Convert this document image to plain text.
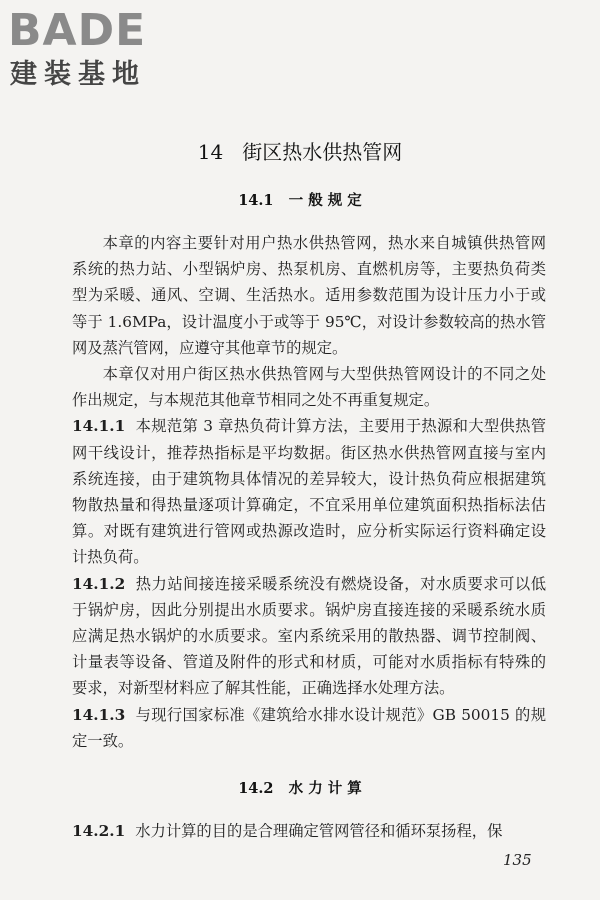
BADE
建装基地
14   街区热水供热管网
14.1   一 般 规 定

本章的内容主要针对用户热水供热管网，热水来自城镇供热管网系统的热力站、小型锅炉房、热泵机房、直燃机房等，主要热负荷类型为采暖、通风、空调、生活热水。适用参数范围为设计压力小于或等于 1.6MPa，设计温度小于或等于 95℃，对设计参数较高的热水管网及蒸汽管网，应遵守其他章节的规定。

本章仅对用户街区热水供热管网与大型供热管网设计的不同之处作出规定，与本规范其他章节相同之处不再重复规定。

14.1.1 本规范第 3 章热负荷计算方法，主要用于热源和大型供热管网干线设计，推荐热指标是平均数据。街区热水供热管网直接与室内系统连接，由于建筑物具体情况的差异较大，设计热负荷应根据建筑物散热量和得热量逐项计算确定，不宜采用单位建筑面积热指标法估算。对既有建筑进行管网或热源改造时，应分析实际运行资料确定设计热负荷。

14.1.2 热力站间接连接采暖系统没有燃烧设备，对水质要求可以低于锅炉房，因此分别提出水质要求。锅炉房直接连接的采暖系统水质应满足热水锅炉的水质要求。室内系统采用的散热器、调节控制阀、计量表等设备、管道及附件的形式和材质，可能对水质指标有特殊的要求，对新型材料应了解其性能，正确选择水处理方法。

14.1.3 与现行国家标准《建筑给水排水设计规范》GB 50015 的规定一致。

14.2   水 力 计 算

14.2.1 水力计算的目的是合理确定管网管径和循环泵扬程，保

135
